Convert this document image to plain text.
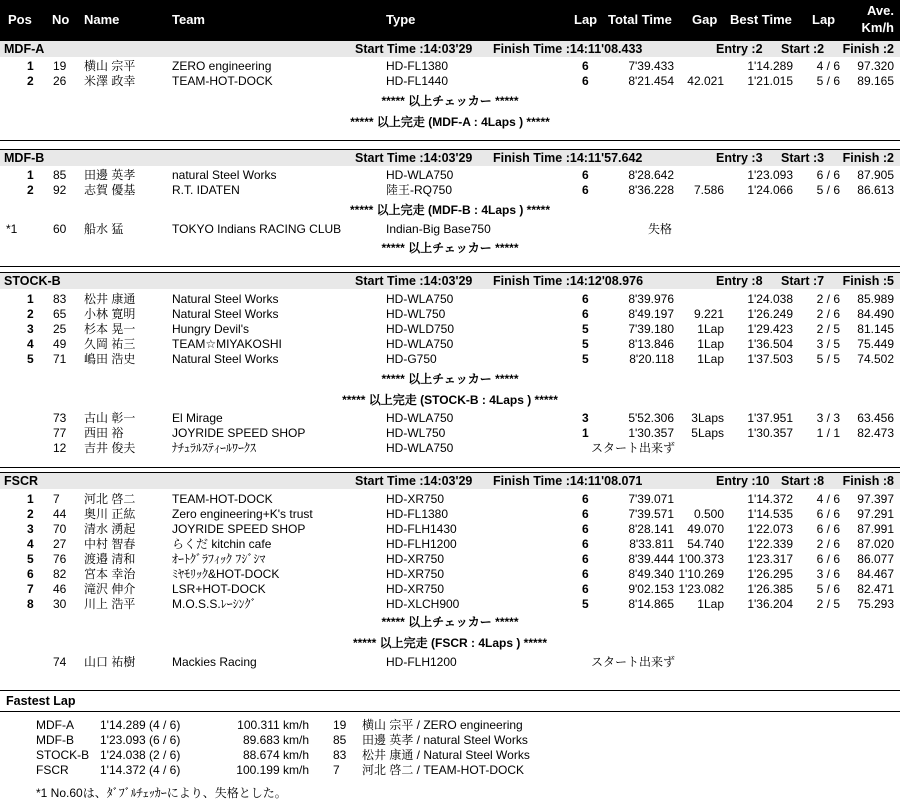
Pos No Name	Team	Type	Lap Total Time Gap Best Time Lap
Ave.
Km/h
MDF-A	Start Time :14:03'29 Finish Time :14:11'08.433	Entry :2 Start :2 Finish :2
1 19 横山 宗平	ZERO engineering	HD-FL1380	6	7'39.433	1'14.289 4 / 6 97.320
2 26 米澤 政幸	TEAM-HOT-DOCK	HD-FL1440	6	8'21.454 42.021 1'21.015 5 / 6 89.165
***** 以上チェッカー *****
***** 以上完走 (MDF-A : 4Laps ) *****
MDF-B	Start Time :14:03'29 Finish Time :14:11'57.642	Entry :3 Start :3 Finish :2
1 85 田邊 英孝	natural Steel Works	HD-WLA750	6	8'28.642	1'23.093 6 / 6 87.905
2 92 志賀 優基	R.T. IDATEN	陸王-RQ750	6	8'36.228 7.586 1'24.066 5 / 6 86.613
***** 以上チェッカー *****
***** 以上完走 (MDF-B : 4Laps ) *****
*1	60 船水 猛	TOKYO Indians RACING CLUB	Indian-Big Base750	失格
STOCK-B	Start Time :14:03'29 Finish Time :14:12'08.976	Entry :8 Start :7 Finish :5
1 83 松井 康通	Natural Steel Works	HD-WLA750	6	8'39.976	1'24.038 2 / 6 85.989
2 65 小林 寛明	Natural Steel Works	HD-WL750	6	8'49.197 9.221 1'26.249 2 / 6 84.490
3 25 杉本 晃一	Hungry Devil's	HD-WLD750	5	7'39.180 1Lap 1'29.423 2 / 5 81.145
4 49 久岡 祐三	TEAM☆MIYAKOSHI	HD-WLA750	5	8'13.846 1Lap 1'36.504 3 / 5 75.449
5 71 嶋田 浩史	Natural Steel Works	HD-G750	5	8'20.118 1Lap 1'37.503 5 / 5 74.502
***** 以上チェッカー *****
***** 以上完走 (STOCK-B : 4Laps ) *****
73 古山 彰一	El Mirage	HD-WLA750	3	5'52.306 3Laps 1'37.951 3 / 3 63.456
77 西田 裕	JOYRIDE SPEED SHOP	HD-WL750	1	1'30.357 5Laps 1'30.357 1 / 1 82.473
12 吉井 俊夫	ﾅﾁｭﾗﾙｽﾃｨｰﾙﾜｰｸｽ	HD-WLA750	スタート出来ず
FSCR	Start Time :14:03'29 Finish Time :14:11'08.071	Entry :10 Start :8 Finish :8
1 7 河北 啓二	TEAM-HOT-DOCK	HD-XR750	6	7'39.071	1'14.372 4 / 6 97.397
2 44 奥川 正紘	Zero engineering+K's trust	HD-FL1380	6	7'39.571 0.500 1'14.535 6 / 6 97.291
3 70 清水 湧起	JOYRIDE SPEED SHOP	HD-FLH1430	6	8'28.141 49.070 1'22.073 6 / 6 87.991
4 27 中村 智春	らくだ kitchin cafe	HD-FLH1200	6	8'33.811 54.740 1'22.339 2 / 6 87.020
5 76 渡邉 清和	ｵｰﾄｸﾞﾗﾌｨｯｸ ﾌｼﾞｼﾏ	HD-XR750	6	8'39.444 1'00.373 1'23.317 6 / 6 86.077
6 82 宮本 幸治	ﾐﾔﾓﾘｯｸ&HOT-DOCK	HD-XR750	6	8'49.340 1'10.269 1'26.295 3 / 6 84.467
7 46 滝沢 伸介	LSR+HOT-DOCK	HD-XR750	6	9'02.153 1'23.082 1'26.385 5 / 6 82.471
8 30 川上 浩平	M.O.S.S.ﾚｰｼﾝｸﾞ	HD-XLCH900	5	8'14.865 1Lap 1'36.204 2 / 5 75.293
***** 以上チェッカー *****
***** 以上完走 (FSCR : 4Laps ) *****
74 山口 祐樹	Mackies Racing	HD-FLH1200	スタート出来ず
Fastest Lap
MDF-A 1'14.289 (4 / 6)	100.311 km/h 19 横山 宗平 / ZERO engineering
MDF-B 1'23.093 (6 / 6)	89.683 km/h 85 田邊 英孝 / natural Steel Works
STOCK-B 1'24.038 (2 / 6)	88.674 km/h 83 松井 康通 / Natural Steel Works
FSCR	1'14.372 (4 / 6)	100.199 km/h 7 河北 啓二 / TEAM-HOT-DOCK
*1 No.60は、ﾀﾞﾌﾞﾙﾁｪｯｶｰにより、失格とした。
